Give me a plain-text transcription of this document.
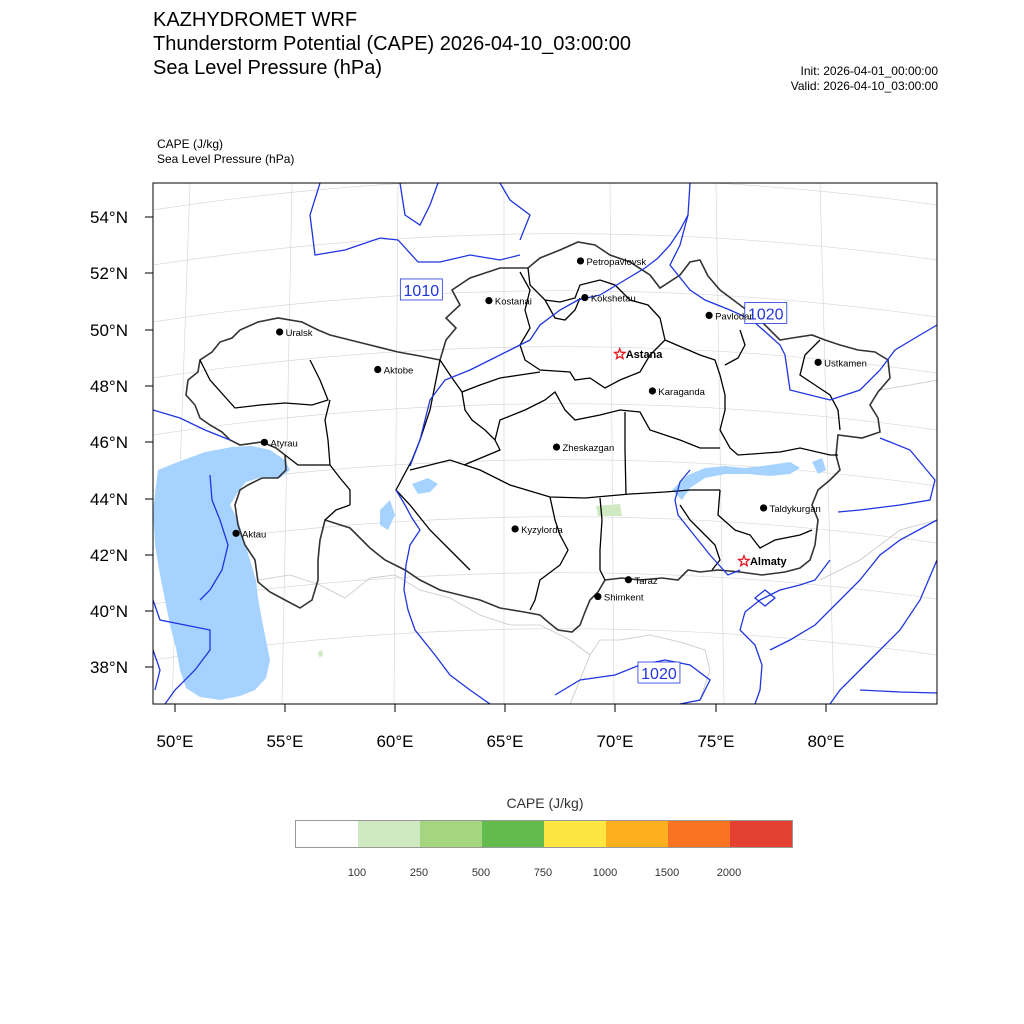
KAZHYDROMET WRF
Thunderstorm Potential (CAPE) 2026-04-10_03:00:00
Sea Level Pressure (hPa)	Init: 2026-04-01_00:00:00
Valid: 2026-04-10_03:00:00
CAPE (J/kg)
Sea Level Pressure (hPa)
54°N
52°N
50°N
48°N
46°N
44°N
42°N
40°N
38°N
50°E	55°E	60°E	65°E	70°E	75°E	80°E
1010
1020
1020
Petropavlovsk
Kostanai	Kokshetau
Pavlodar
Uralsk
Astana
Ustkamen
Aktobe
Karaganda
Atyrau	Zheskazgan
Taldykurgan
Kyzylorda
Aktau
Almaty
Taraz
Shimkent
CAPE (J/kg)
100	250	500	750	1000	1500	2000
